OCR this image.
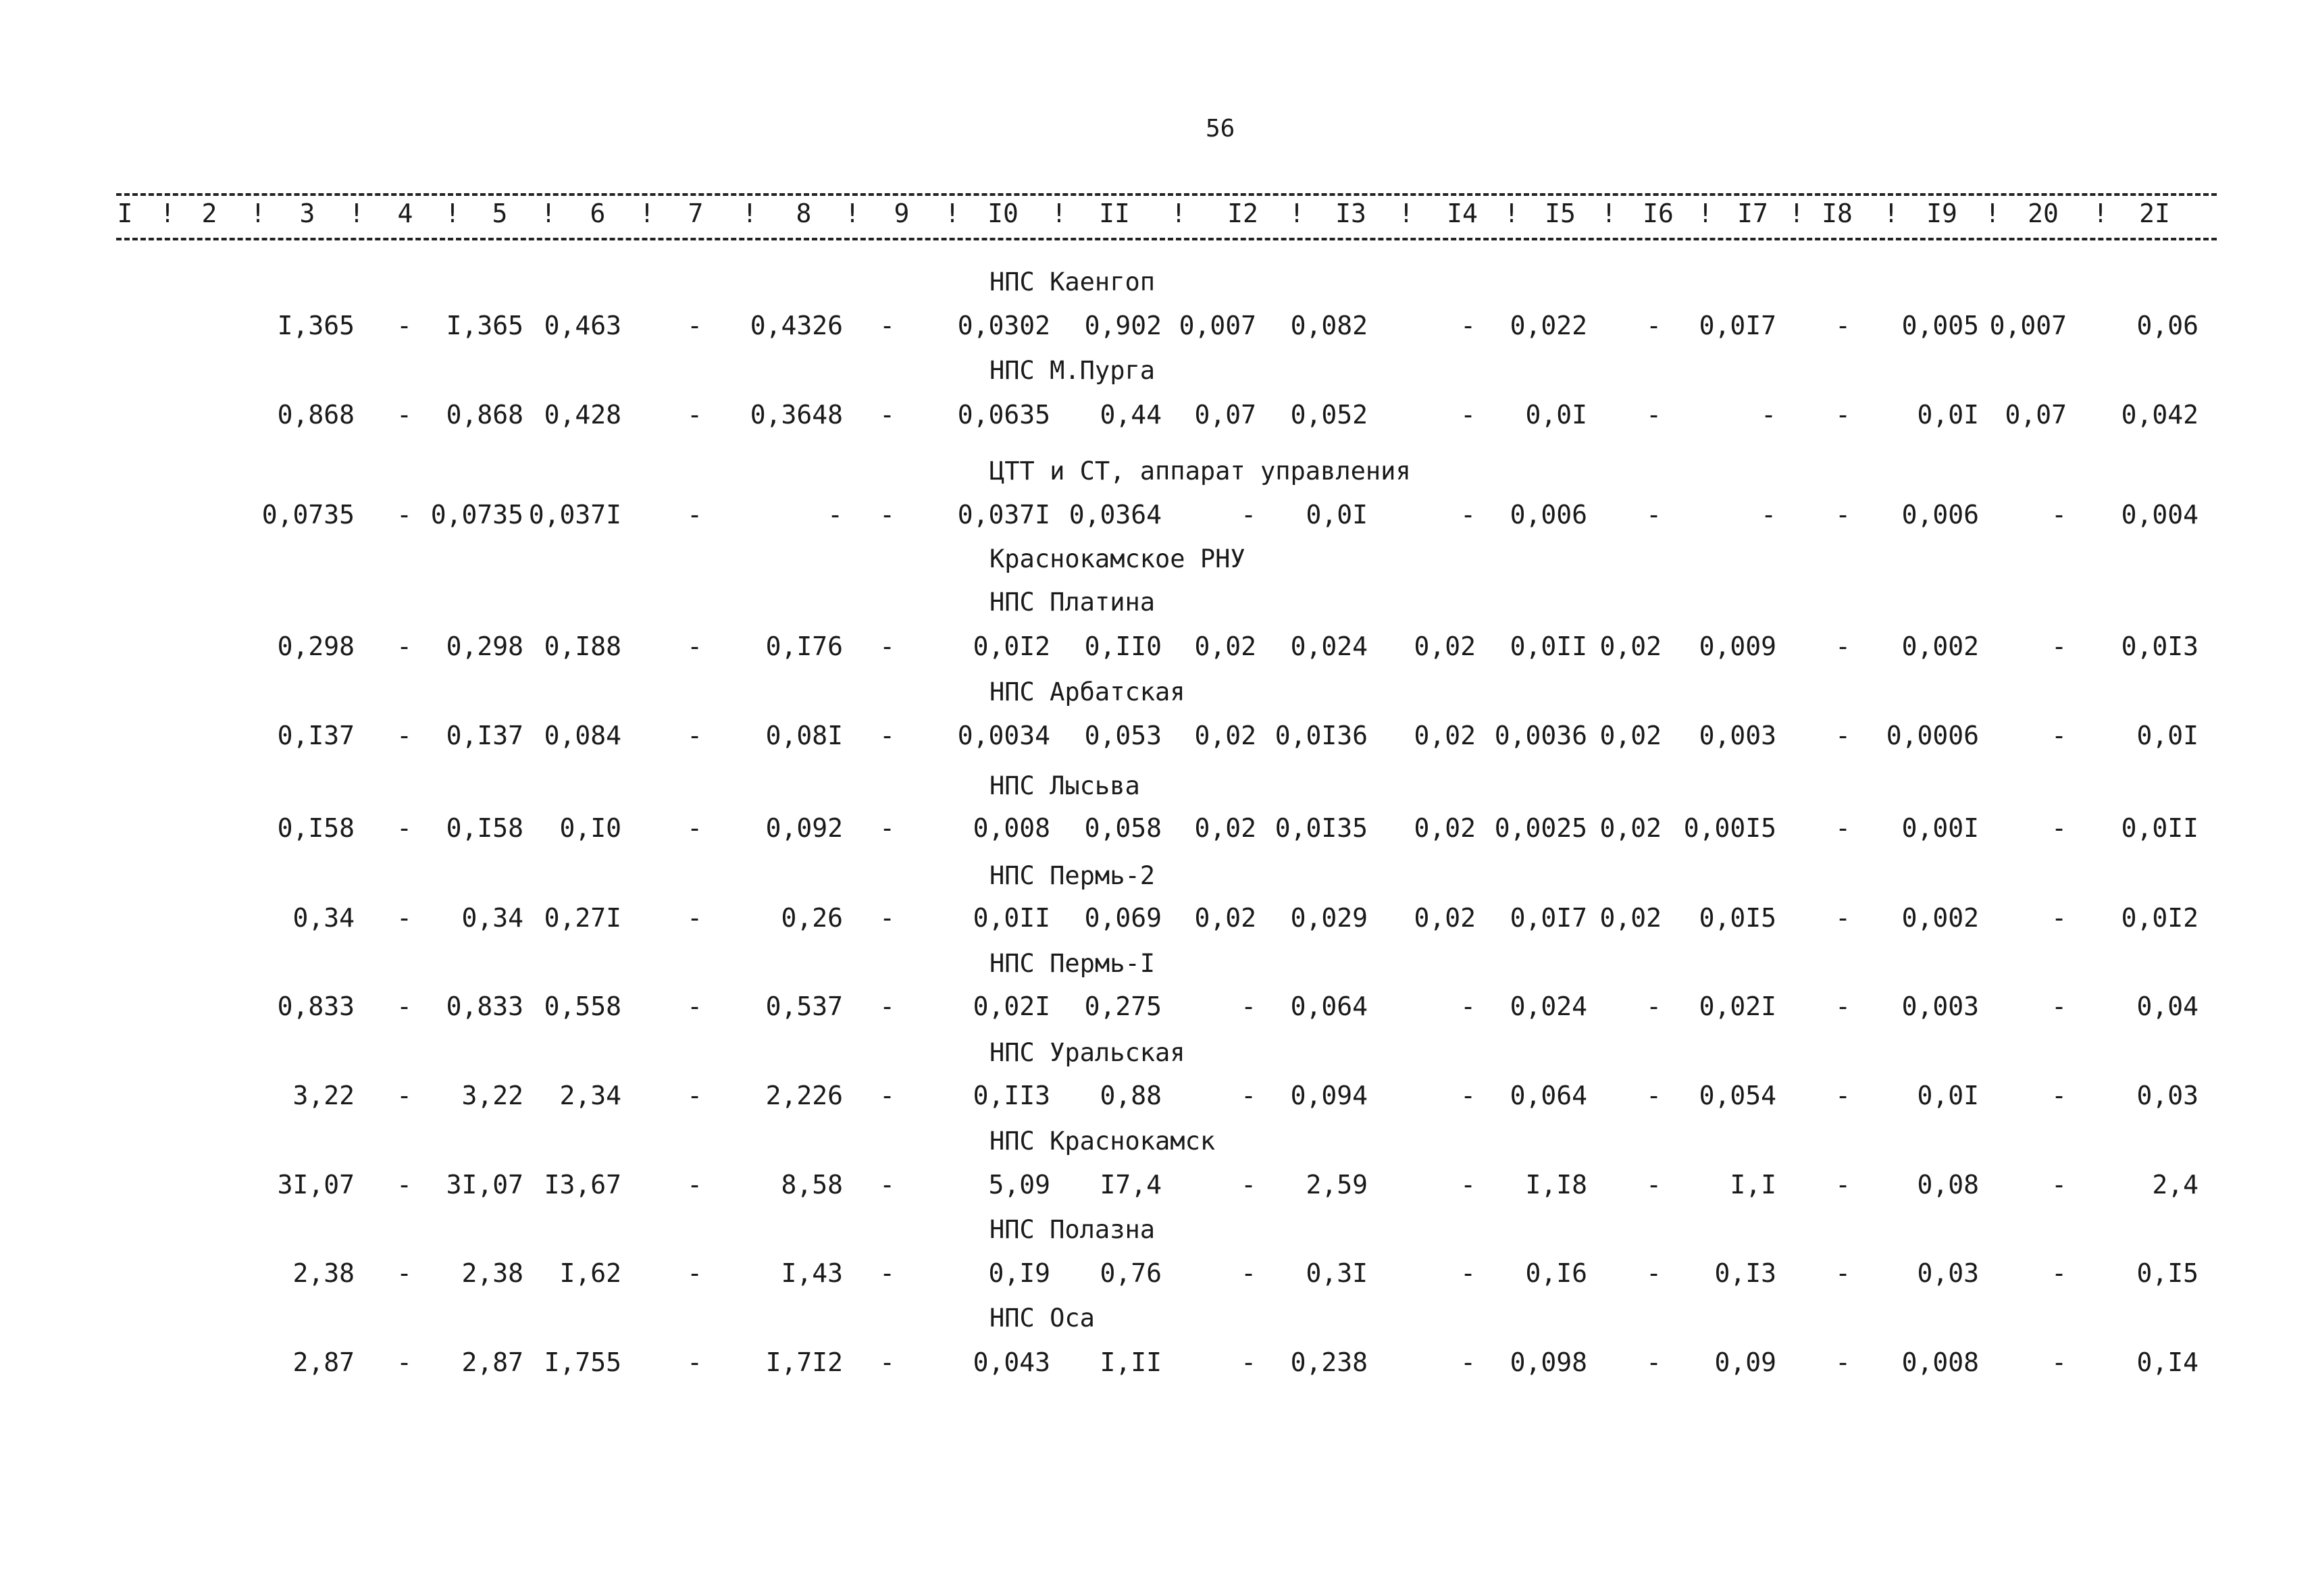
56
I	2	3	4	5	6	7	8	9	I0	II	I2	I3	I4	I5	I6 I7 I8	I9	20	2I
!	!	!	!	!	!	!	!	!	!	!	!	!	!	!	!	!	!	!	!
НПС Каенгоп
I,365 - I,365 0,463	- 0,4326 - 0,0302 0,902 0,007 0,082	- 0,022 - 0,0I7 - 0,005 0,007	0,06
НПС М.Пурга
0,868 - 0,868 0,428	- 0,3648 - 0,0635 0,44 0,07 0,052	- 0,0I -	- -	0,0I 0,07 0,042
ЦТТ и СТ, аппарат управления
0,0735 - 0,0735 0,037I	-	- - 0,037I 0,0364	- 0,0I	- 0,006 -	- - 0,006	- 0,004
Краснокамское РНУ
НПС Платина
0,298 - 0,298 0,I88	- 0,I76 -	0,0I2 0,II0 0,02 0,024 0,02 0,0II 0,02 0,009 - 0,002	- 0,0I3
НПС Арбатская
0,I37 - 0,I37 0,084	- 0,08I - 0,0034 0,053 0,02 0,0I36 0,02 0,0036 0,02 0,003 - 0,0006	-	0,0I
НПС Лысьва
0,I58 - 0,I58 0,I0	- 0,092 -	0,008 0,058 0,02 0,0I35 0,02 0,0025 0,02 0,00I5 - 0,00I	- 0,0II
НПС Пермь-2
0,34 - 0,34 0,27I	-	0,26 -	0,0II 0,069 0,02 0,029 0,02 0,0I7 0,02 0,0I5 - 0,002	- 0,0I2
НПС Пермь-I
0,833 - 0,833 0,558	- 0,537 -	0,02I 0,275	- 0,064	- 0,024 - 0,02I - 0,003	-	0,04
НПС Уральская
3,22 - 3,22 2,34	- 2,226 -	0,II3 0,88	- 0,094	- 0,064 - 0,054 -	0,0I	-	0,03
НПС Краснокамск
3I,07 - 3I,07 I3,67	-	8,58 -	5,09 I7,4	- 2,59	- I,I8 -	I,I -	0,08	-	2,4
НПС Полазна
2,38 - 2,38 I,62	-	I,43 -	0,I9 0,76	- 0,3I	- 0,I6 - 0,I3 -	0,03	-	0,I5
НПС Оса
2,87 - 2,87 I,755	- I,7I2 -	0,043 I,II	- 0,238	- 0,098 - 0,09 - 0,008	-	0,I4
